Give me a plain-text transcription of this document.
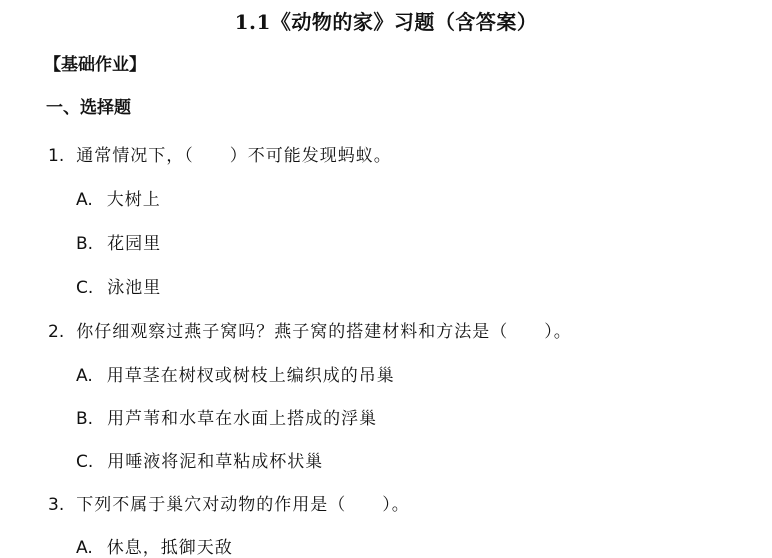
1.1《动物的家》习题（含答案）
【基础作业】
一、选择题
1. 通常情况下，（　　）不可能发现蚂蚁。
A. 大树上
B. 花园里
C. 泳池里
2. 你仔细观察过燕子窝吗？燕子窝的搭建材料和方法是（　　）。
A. 用草茎在树杈或树枝上编织成的吊巢
B. 用芦苇和水草在水面上搭成的浮巢
C. 用唾液将泥和草粘成杯状巢
3. 下列不属于巢穴对动物的作用是（　　）。
A. 休息，抵御天敌
